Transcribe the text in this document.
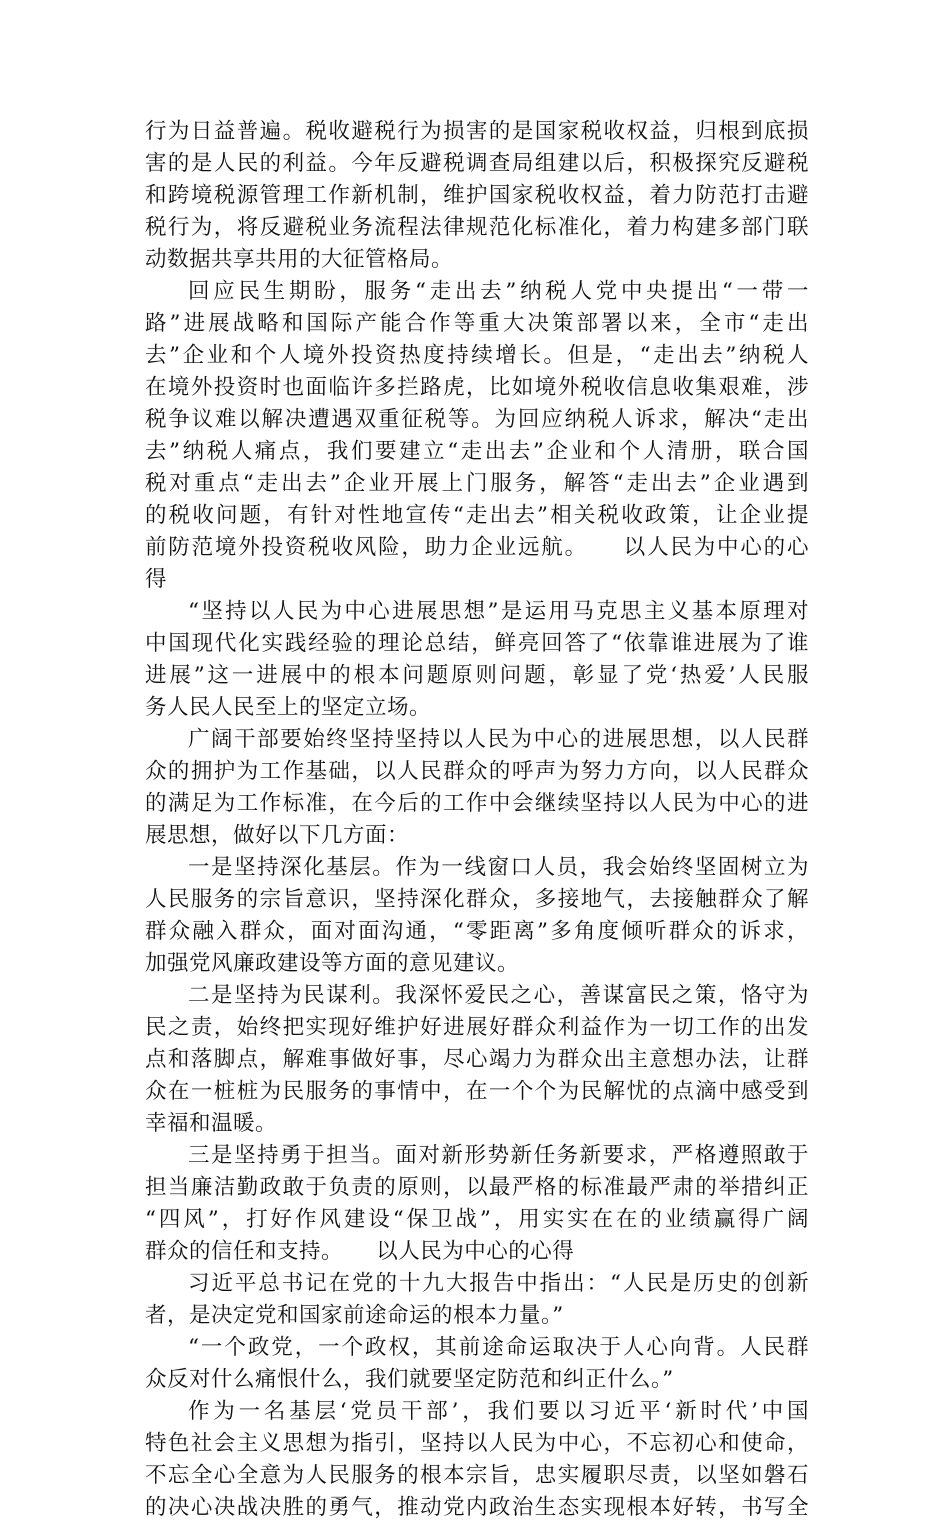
行为日益普遍。税收避税行为损害的是国家税收权益，归根到底损
害的是人民的利益。今年反避税调查局组建以后，积极探究反避税
和跨境税源管理工作新机制，维护国家税收权益，着力防范打击避
税行为，将反避税业务流程法律规范化标准化，着力构建多部门联
动数据共享共用的大征管格局。
回应民生期盼，服务“走出去”纳税人党中央提出“一带一
路”进展战略和国际产能合作等重大决策部署以来，全市“走出
去”企业和个人境外投资热度持续增长。但是，“走出去”纳税人
在境外投资时也面临许多拦路虎，比如境外税收信息收集艰难，涉
税争议难以解决遭遇双重征税等。为回应纳税人诉求，解决“走出
去”纳税人痛点，我们要建立“走出去”企业和个人清册，联合国
税对重点“走出去”企业开展上门服务，解答“走出去”企业遇到
的税收问题，有针对性地宣传“走出去”相关税收政策，让企业提
前防范境外投资税收风险，助力企业远航。　　以人民为中心的心
得
“坚持以人民为中心进展思想”是运用马克思主义基本原理对
中国现代化实践经验的理论总结，鲜亮回答了“依靠谁进展为了谁
进展”这一进展中的根本问题原则问题，彰显了党‘热爱’人民服
务人民人民至上的坚定立场。
广阔干部要始终坚持坚持以人民为中心的进展思想，以人民群
众的拥护为工作基础，以人民群众的呼声为努力方向，以人民群众
的满足为工作标准，在今后的工作中会继续坚持以人民为中心的进
展思想，做好以下几方面：
一是坚持深化基层。作为一线窗口人员，我会始终坚固树立为
人民服务的宗旨意识，坚持深化群众，多接地气，去接触群众了解
群众融入群众，面对面沟通，“零距离”多角度倾听群众的诉求，
加强党风廉政建设等方面的意见建议。
二是坚持为民谋利。我深怀爱民之心，善谋富民之策，恪守为
民之责，始终把实现好维护好进展好群众利益作为一切工作的出发
点和落脚点，解难事做好事，尽心竭力为群众出主意想办法，让群
众在一桩桩为民服务的事情中，在一个个为民解忧的点滴中感受到
幸福和温暖。
三是坚持勇于担当。面对新形势新任务新要求，严格遵照敢于
担当廉洁勤政敢于负责的原则，以最严格的标准最严肃的举措纠正
“四风”，打好作风建设“保卫战”，用实实在在的业绩赢得广阔
群众的信任和支持。　　以人民为中心的心得
习近平总书记在党的十九大报告中指出：“人民是历史的创新
者，是决定党和国家前途命运的根本力量。”
“一个政党，一个政权，其前途命运取决于人心向背。人民群
众反对什么痛恨什么，我们就要坚定防范和纠正什么。”
作为一名基层‘党员干部’，我们要以习近平‘新时代’中国
特色社会主义思想为指引，坚持以人民为中心，不忘初心和使命，
不忘全心全意为人民服务的根本宗旨，忠实履职尽责，以坚如磐石
的决心决战决胜的勇气，推动党内政治生态实现根本好转，书写全
